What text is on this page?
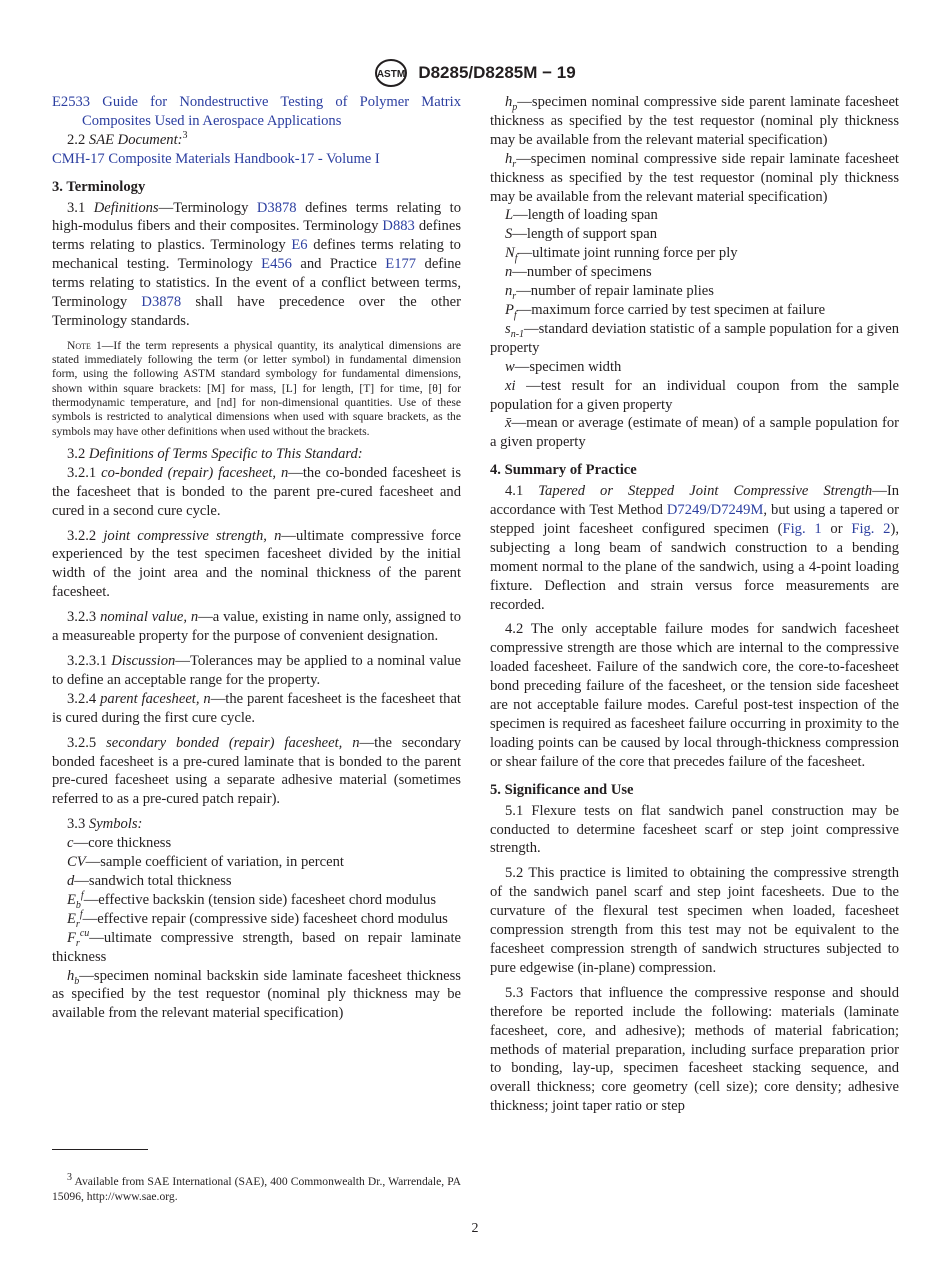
ASTM D8285/D8285M − 19

E2533 Guide for Nondestructive Testing of Polymer Matrix Composites Used in Aerospace Applications

2.2 SAE Document:$^3$

CMH-17 Composite Materials Handbook-17 - Volume I

3. Terminology

3.1 Definitions—Terminology D3878 defines terms relating to high-modulus fibers and their composites. Terminology D883 defines terms relating to plastics. Terminology E6 defines terms relating to mechanical testing. Terminology E456 and Practice E177 define terms relating to statistics. In the event of a conflict between terms, Terminology D3878 shall have precedence over the other Terminology standards.

Note 1—If the term represents a physical quantity, its analytical dimensions are stated immediately following the term (or letter symbol) in fundamental dimension form, using the following ASTM standard symbology for fundamental dimensions, shown within square brackets: [M] for mass, [L] for length, [T] for time, [θ] for thermodynamic temperature, and [nd] for non-dimensional quantities. Use of these symbols is restricted to analytical dimensions when used with square brackets, as the symbols may have other definitions when used without the brackets.

3.2 Definitions of Terms Specific to This Standard:

3.2.1 co-bonded (repair) facesheet, n—the co-bonded facesheet is the facesheet that is bonded to the parent pre-cured facesheet and cured in a second cure cycle.

3.2.2 joint compressive strength, n—ultimate compressive force experienced by the test specimen facesheet divided by the initial width of the joint area and the nominal thickness of the parent facesheet.

3.2.3 nominal value, n—a value, existing in name only, assigned to a measureable property for the purpose of convenient designation.

3.2.3.1 Discussion—Tolerances may be applied to a nominal value to define an acceptable range for the property.

3.2.4 parent facesheet, n—the parent facesheet is the facesheet that is cured during the first cure cycle.

3.2.5 secondary bonded (repair) facesheet, n—the secondary bonded facesheet is a pre-cured laminate that is bonded to the parent pre-cured facesheet using a separate adhesive material (sometimes referred to as a pre-cured patch repair).

3.3 Symbols:

c—core thickness

CV—sample coefficient of variation, in percent

d—sandwich total thickness

$E_b^f—effective$ backskin (tension side) facesheet chord modulus

$E_r^f—effective$ repair (compressive side) facesheet chord modulus

$F_r^{cu}—ultimate$ compressive strength, based on repair laminate thickness

$h_b—specimen$ nominal backskin side laminate facesheet thickness as specified by the test requestor (nominal ply thickness may be available from the relevant material specification)

$h_p—specimen$ nominal compressive side parent laminate facesheet thickness as specified by the test requestor (nominal ply thickness may be available from the relevant material specification)

$h_r—specimen$ nominal compressive side repair laminate facesheet thickness as specified by the test requestor (nominal ply thickness may be available from the relevant material specification)

L—length of loading span

S—length of support span

$N_f—ultimate$ joint running force per ply

n—number of specimens

$n_r—number$ of repair laminate plies

$P_f—maximum$ force carried by test specimen at failure

$s_{n-1}—standard$ deviation statistic of a sample population for a given property

w—specimen width

xi —test result for an individual coupon from the sample population for a given property

x̄—mean or average (estimate of mean) of a sample population for a given property

4. Summary of Practice

4.1 Tapered or Stepped Joint Compressive Strength—In accordance with Test Method D7249/D7249M, but using a tapered or stepped joint facesheet configured specimen (Fig. 1 or Fig. 2), subjecting a long beam of sandwich construction to a bending moment normal to the plane of the sandwich, using a 4-point loading fixture. Deflection and strain versus force measurements are recorded.

4.2 The only acceptable failure modes for sandwich facesheet compressive strength are those which are internal to the compressive loaded facesheet. Failure of the sandwich core, the core-to-facesheet bond preceding failure of the facesheet, or the tension side facesheet are not acceptable failure modes. Careful post-test inspection of the specimen is required as facesheet failure occurring in proximity to the loading points can be caused by local through-thickness compression or shear failure of the core that precedes failure of the facesheet.

5. Significance and Use

5.1 Flexure tests on flat sandwich panel construction may be conducted to determine facesheet scarf or step joint compressive strength.

5.2 This practice is limited to obtaining the compressive strength of the sandwich panel scarf and step joint facesheets. Due to the curvature of the flexural test specimen when loaded, facesheet compression strength from this test may not be equivalent to the facesheet compression strength of sandwich structures subjected to pure edgewise (in-plane) compression.

5.3 Factors that influence the compressive response and should therefore be reported include the following: materials (laminate facesheet, core, and adhesive); methods of material fabrication; methods of material preparation, including surface preparation prior to bonding, lay-up, specimen facesheet stacking sequence, and overall thickness; core geometry (cell size); core density; adhesive thickness; joint taper ratio or step

$^3$ Available from SAE International (SAE), 400 Commonwealth Dr., Warrendale, PA 15096, http://www.sae.org.

2
